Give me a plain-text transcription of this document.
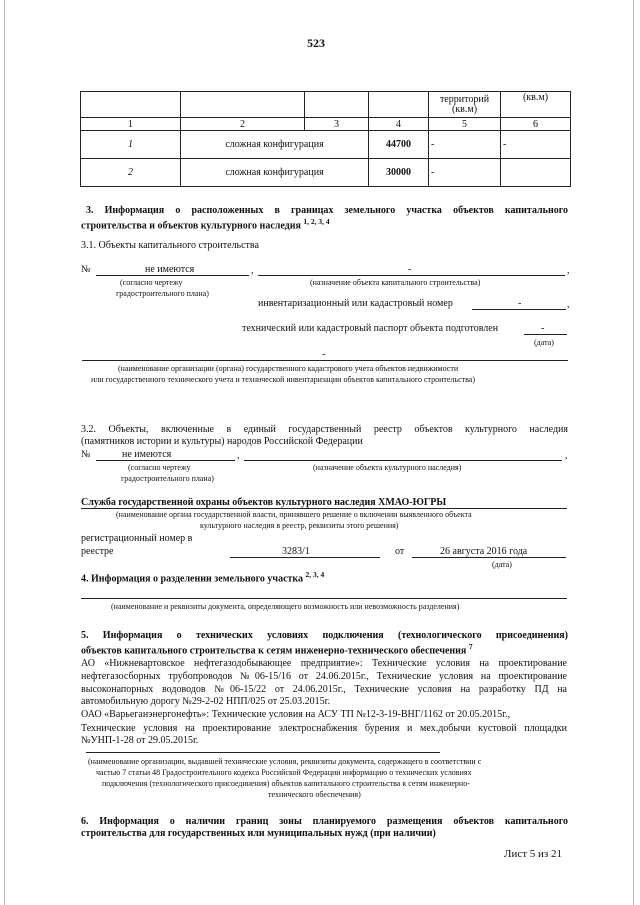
523
				территорий (кв.м)	(кв.м)
1	2	3	4	5	6
1	сложная конфигурация		44700	-	-
2	сложная конфигурация		30000	-	
3. Информация о расположенных в границах земельного участка объектов капитального
строительства и объектов культурного наследия $^{1, 2, 3, 4}$
3.1. Объекты капитального строительства
№	не имеются	,	-	,
(согласно чертежу
градостроительного плана)
(назначение объекта капитального строительства)
инвентаризационный или кадастровый номер	-	,
технический или кадастровый паспорт объекта подготовлен	-
(дата)
-
(наименование организации (органа) государственного кадастрового учета объектов недвижимости
или государственного технического учета и технической инвентаризации объектов капитального строительства)
3.2. Объекты, включенные в единый государственный реестр объектов культурного наследия
(памятников истории и культуры) народов Российской Федерации
№	не имеются	,	,
(согласно чертежу
градостроительного плана)
(назначение объекта культурного наследия)
Служба государственной охраны объектов культурного наследия ХМАО-ЮГРЫ
(наименование органа государственной власти, принявшего решение о включении выявленного объекта
культурного наследия в реестр, реквизиты этого решения)
регистрационный номер в
реестре	3283/1	от	26 августа 2016 года
(дата)
4. Информация о разделении земельного участка $^{2, 3, 4}$
(наименование и реквизиты документа, определяющего возможность или невозможность разделения)
5. Информация о технических условиях подключения (технологического присоединения)
объектов капитального строительства к сетям инженерно-технического обеспечения $^7$
АО «Нижневартовское нефтегазодобывающее предприятие»: Технические условия на проектирование
нефтегазосборных трубопроводов №06-15/16 от 24.06.2015г., Технические условия на проектирование
высоконапорных водоводов №06-15/22 от 24.06.2015г., Технические условия на разработку ПД на
автомобильную дорогу №29-2-02 НПП/025 от 25.03.2015г.
ОАО «Варьеганэнергонефть»: Технические условия на АСУ ТП №12-3-19-ВНГ/1162 от 20.05.2015г.,
Технические условия на проектирование электроснабжения бурения и мех.добычи кустовой площадки
№УНП-1-28 от 29.05.2015г.
(наименование организации, выдавшей технические условия, реквизиты документа, содержащего в соответствии с
частью 7 статьи 48 Градостроительного кодекса Российской Федерации информацию о технических условиях
подключения (технологического присоединения) объектов капитального строительства к сетям инженерно-
технического обеспечения)
6. Информация о наличии границ зоны планируемого размещения объектов капитального
строительства для государственных или муниципальных нужд (при наличии)
Лист 5 из 21
